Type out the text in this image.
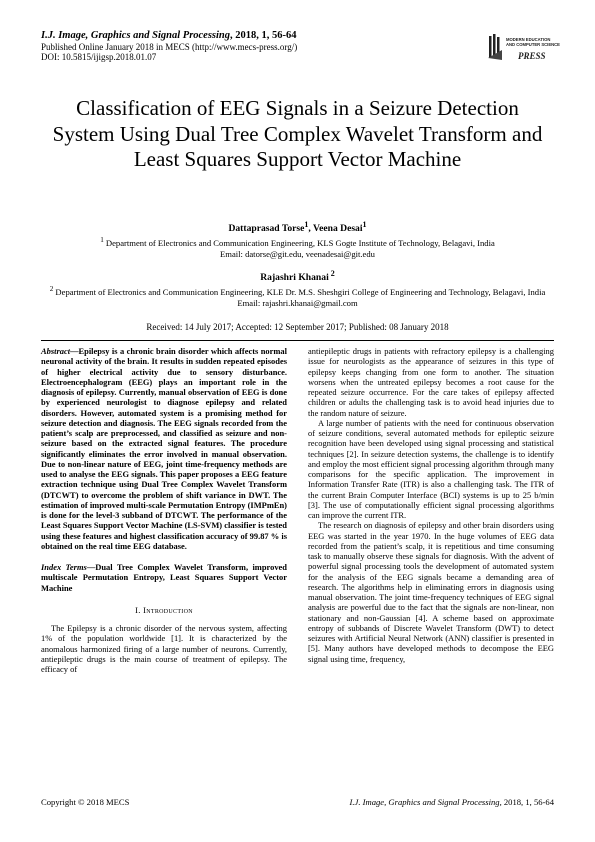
I.J. Image, Graphics and Signal Processing, 2018, 1, 56-64
Published Online January 2018 in MECS (http://www.mecs-press.org/)
DOI: 10.5815/ijigsp.2018.01.07
MODERN EDUCATION
AND COMPUTER SCIENCE
PRESS
Classification of EEG Signals in a Seizure Detection System Using Dual Tree Complex Wavelet Transform and Least Squares Support Vector Machine
Dattaprasad Torse$^1$, Veena Desai$^1$
$^1$ Department of Electronics and Communication Engineering, KLS Gogte Institute of Technology, Belagavi, India
Email: datorse@git.edu, veenadesai@git.edu
Rajashri Khanai $^2$
$^2$ Department of Electronics and Communication Engineering, KLE Dr. M.S. Sheshgiri College of Engineering and Technology, Belagavi, India
Email: rajashri.khanai@gmail.com
Received: 14 July 2017; Accepted: 12 September 2017; Published: 08 January 2018

Abstract—Epilepsy is a chronic brain disorder which affects normal neuronal activity of the brain. It results in sudden repeated episodes of higher electrical activity due to sensory disturbance. Electroencephalogram (EEG) plays an important role in the diagnosis of epilepsy. Currently, manual observation of EEG is done by experienced neurologist to diagnose epilepsy and related disorders. However, automated system is a promising method for seizure detection and diagnosis. The EEG signals recorded from the patient’s scalp are preprocessed, and classified as seizure and non-seizure based on the extracted signal features. The procedure significantly eliminates the error involved in manual observation. Due to non-linear nature of EEG, joint time-frequency methods are used to analyse the EEG signals. This paper proposes a EEG feature extraction technique using Dual Tree Complex Wavelet Transform (DTCWT) to overcome the problem of shift variance in DWT. The estimation of improved multi-scale Permutation Entropy (IMPmEn) is done for the level-3 subband of DTCWT. The performance of the Least Squares Support Vector Machine (LS-SVM) classifier is tested using these features and highest classification accuracy of 99.87 % is obtained on the real time EEG database.

Index Terms—Dual Tree Complex Wavelet Transform, improved multiscale Permutation Entropy, Least Squares Support Vector Machine

I. Introduction

The Epilepsy is a chronic disorder of the nervous system, affecting 1% of the population worldwide [1]. It is characterized by the anomalous harmonized firing of a large number of neurons. Currently, antiepileptic drugs is the main course of treatment of epilepsy. The efficacy of

antiepileptic drugs in patients with refractory epilepsy is a challenging issue for neurologists as the appearance of seizures in this type of epilepsy keeps changing from one form to another. The situation worsens when the untreated epilepsy becomes a root cause for the repeated seizure occurrence. For the care takes of epilepsy affected children or adults the challenging task is to avoid head injuries due to the random nature of seizure.

A large number of patients with the need for continuous observation of seizure conditions, several automated methods for epileptic seizure recognition have been developed using signal processing and statistical techniques [2]. In seizure detection systems, the challenge is to identify and employ the most efficient signal processing algorithm through many comparisons for the specific application. The improvement in Information Transfer Rate (ITR) is also a challenging task. The ITR of the current Brain Computer Interface (BCI) systems is up to 25 b/min [3]. The use of computationally efficient signal processing algorithms can improve the current ITR.

The research on diagnosis of epilepsy and other brain disorders using EEG was started in the year 1970. In the huge volumes of EEG data recorded from the patient’s scalp, it is repetitious and time consuming task to manually observe these signals for diagnosis. With the advent of powerful signal processing tools the development of automated system for the analysis of the EEG signals became a demanding area of research. The algorithms help in eliminating errors in diagnosis using manual observation. The joint time-frequency techniques of EEG signal analysis are powerful due to the fact that the signals are non-linear, non stationary and non-Gaussian [4]. A scheme based on approximate entropy of subbands of Discrete Wavelet Transform (DWT) to detect seizures with Artificial Neural Network (ANN) classifier is presented in [5]. Many authors have developed methods to decompose the EEG signal using time, frequency,

Copyright © 2018 MECS	I.J. Image, Graphics and Signal Processing, 2018, 1, 56-64
